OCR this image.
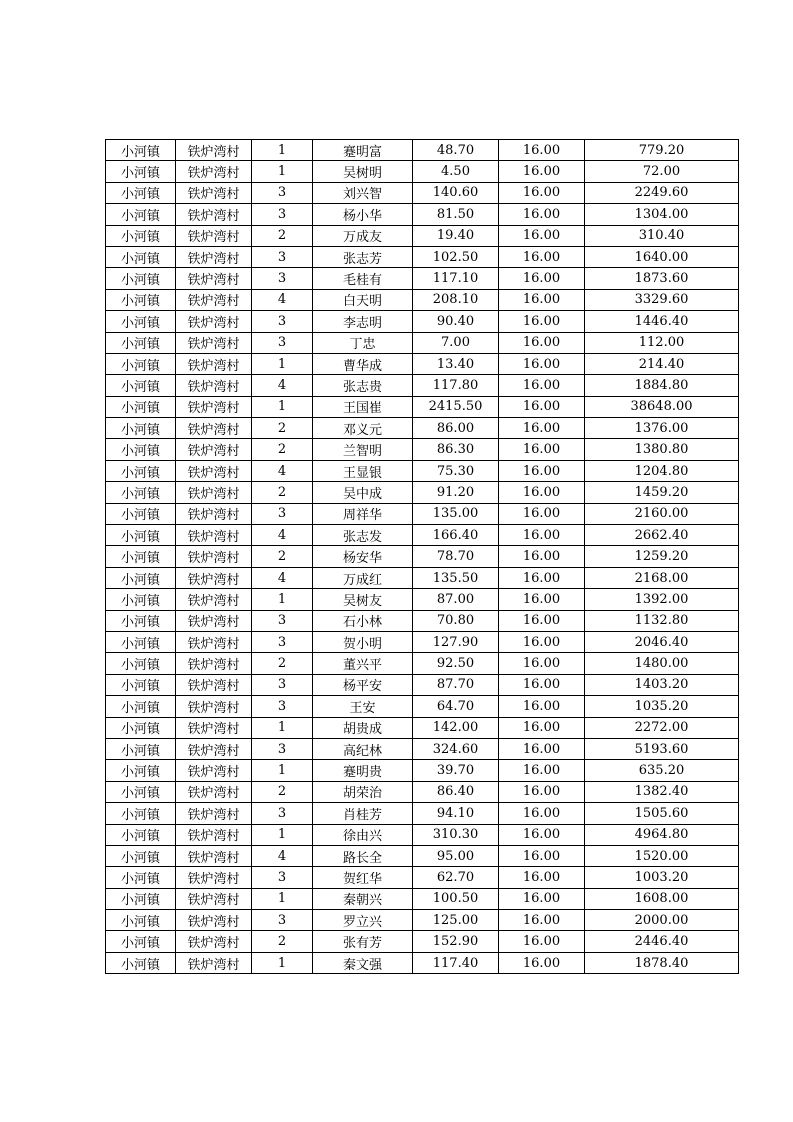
小河镇	铁炉湾村	1	蹇明富	48.70	16.00	779.20
小河镇	铁炉湾村	1	吴树明	4.50	16.00	72.00
小河镇	铁炉湾村	3	刘兴智	140.60	16.00	2249.60
小河镇	铁炉湾村	3	杨小华	81.50	16.00	1304.00
小河镇	铁炉湾村	2	万成友	19.40	16.00	310.40
小河镇	铁炉湾村	3	张志芳	102.50	16.00	1640.00
小河镇	铁炉湾村	3	毛桂有	117.10	16.00	1873.60
小河镇	铁炉湾村	4	白天明	208.10	16.00	3329.60
小河镇	铁炉湾村	3	李志明	90.40	16.00	1446.40
小河镇	铁炉湾村	3	丁忠	7.00	16.00	112.00
小河镇	铁炉湾村	1	曹华成	13.40	16.00	214.40
小河镇	铁炉湾村	4	张志贵	117.80	16.00	1884.80
小河镇	铁炉湾村	1	王国崔	2415.50	16.00	38648.00
小河镇	铁炉湾村	2	邓义元	86.00	16.00	1376.00
小河镇	铁炉湾村	2	兰智明	86.30	16.00	1380.80
小河镇	铁炉湾村	4	王显银	75.30	16.00	1204.80
小河镇	铁炉湾村	2	吴中成	91.20	16.00	1459.20
小河镇	铁炉湾村	3	周祥华	135.00	16.00	2160.00
小河镇	铁炉湾村	4	张志发	166.40	16.00	2662.40
小河镇	铁炉湾村	2	杨安华	78.70	16.00	1259.20
小河镇	铁炉湾村	4	万成红	135.50	16.00	2168.00
小河镇	铁炉湾村	1	吴树友	87.00	16.00	1392.00
小河镇	铁炉湾村	3	石小林	70.80	16.00	1132.80
小河镇	铁炉湾村	3	贺小明	127.90	16.00	2046.40
小河镇	铁炉湾村	2	董兴平	92.50	16.00	1480.00
小河镇	铁炉湾村	3	杨平安	87.70	16.00	1403.20
小河镇	铁炉湾村	3	王安	64.70	16.00	1035.20
小河镇	铁炉湾村	1	胡贵成	142.00	16.00	2272.00
小河镇	铁炉湾村	3	高纪林	324.60	16.00	5193.60
小河镇	铁炉湾村	1	蹇明贵	39.70	16.00	635.20
小河镇	铁炉湾村	2	胡荣治	86.40	16.00	1382.40
小河镇	铁炉湾村	3	肖桂芳	94.10	16.00	1505.60
小河镇	铁炉湾村	1	徐由兴	310.30	16.00	4964.80
小河镇	铁炉湾村	4	路长全	95.00	16.00	1520.00
小河镇	铁炉湾村	3	贺红华	62.70	16.00	1003.20
小河镇	铁炉湾村	1	秦朝兴	100.50	16.00	1608.00
小河镇	铁炉湾村	3	罗立兴	125.00	16.00	2000.00
小河镇	铁炉湾村	2	张有芳	152.90	16.00	2446.40
小河镇	铁炉湾村	1	秦文强	117.40	16.00	1878.40
